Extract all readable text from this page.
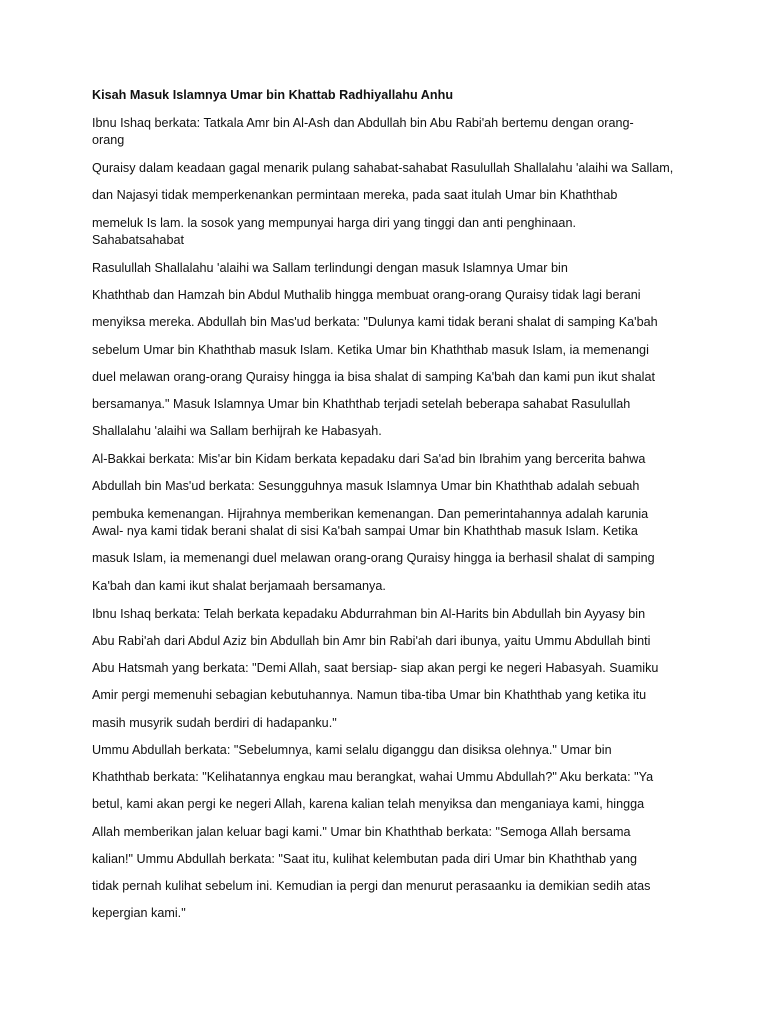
Kisah Masuk Islamnya Umar bin Khattab Radhiyallahu Anhu
Ibnu Ishaq berkata: Tatkala Amr bin Al-Ash dan Abdullah bin Abu Rabi'ah bertemu dengan orang-
orang
Quraisy dalam keadaan gagal menarik pulang sahabat-sahabat Rasulullah Shallalahu 'alaihi wa Sallam,
dan Najasyi tidak memperkenankan permintaan mereka, pada saat itulah Umar bin Khaththab
memeluk Is lam. la sosok yang mempunyai harga diri yang tinggi dan anti penghinaan.
Sahabatsahabat
Rasulullah Shallalahu 'alaihi wa Sallam terlindungi dengan masuk Islamnya Umar bin
Khaththab dan Hamzah bin Abdul Muthalib hingga membuat orang-orang Quraisy tidak lagi berani
menyiksa mereka. Abdullah bin Mas'ud berkata: "Dulunya kami tidak berani shalat di samping Ka'bah
sebelum Umar bin Khaththab masuk Islam. Ketika Umar bin Khaththab masuk Islam, ia memenangi
duel melawan orang-orang Quraisy hingga ia bisa shalat di samping Ka'bah dan kami pun ikut shalat
bersamanya." Masuk Islamnya Umar bin Khaththab terjadi setelah beberapa sahabat Rasulullah
Shallalahu 'alaihi wa Sallam berhijrah ke Habasyah.
Al-Bakkai berkata: Mis'ar bin Kidam berkata kepadaku dari Sa'ad bin Ibrahim yang bercerita bahwa
Abdullah bin Mas'ud berkata: Sesungguhnya masuk Islamnya Umar bin Khaththab adalah sebuah
pembuka kemenangan. Hijrahnya memberikan kemenangan. Dan pemerintahannya adalah karunia
Awal- nya kami tidak berani shalat di sisi Ka'bah sampai Umar bin Khaththab masuk Islam. Ketika
masuk Islam, ia memenangi duel melawan orang-orang Quraisy hingga ia berhasil shalat di samping
Ka'bah dan kami ikut shalat berjamaah bersamanya.
Ibnu Ishaq berkata: Telah berkata kepadaku Abdurrahman bin Al-Harits bin Abdullah bin Ayyasy bin
Abu Rabi'ah dari Abdul Aziz bin Abdullah bin Amr bin Rabi'ah dari ibunya, yaitu Ummu Abdullah binti
Abu Hatsmah yang berkata: "Demi Allah, saat bersiap- siap akan pergi ke negeri Habasyah. Suamiku
Amir pergi memenuhi sebagian kebutuhannya. Namun tiba-tiba Umar bin Khaththab yang ketika itu
masih musyrik sudah berdiri di hadapanku."
Ummu Abdullah berkata: "Sebelumnya, kami selalu diganggu dan disiksa olehnya." Umar bin
Khaththab berkata: "Kelihatannya engkau mau berangkat, wahai Ummu Abdullah?" Aku berkata: "Ya
betul, kami akan pergi ke negeri Allah, karena kalian telah menyiksa dan menganiaya kami, hingga
Allah memberikan jalan keluar bagi kami." Umar bin Khaththab berkata: "Semoga Allah bersama
kalian!" Ummu Abdullah berkata: "Saat itu, kulihat kelembutan pada diri Umar bin Khaththab yang
tidak pernah kulihat sebelum ini. Kemudian ia pergi dan menurut perasaanku ia demikian sedih atas
kepergian kami."
